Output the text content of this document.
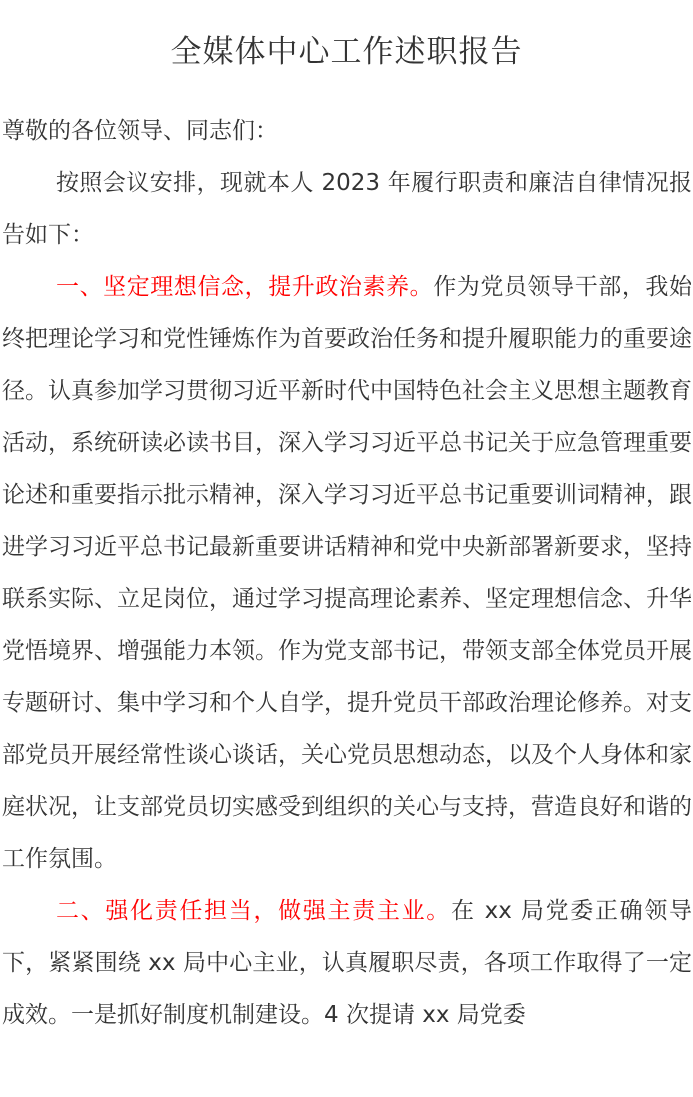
全媒体中心工作述职报告

尊敬的各位领导、同志们：

按照会议安排，现就本人 2023 年履行职责和廉洁自律情况报告如下：

一、坚定理想信念，提升政治素养。作为党员领导干部，我始终把理论学习和党性锤炼作为首要政治任务和提升履职能力的重要途径。认真参加学习贯彻习近平新时代中国特色社会主义思想主题教育活动，系统研读必读书目，深入学习习近平总书记关于应急管理重要论述和重要指示批示精神，深入学习习近平总书记重要训词精神，跟进学习习近平总书记最新重要讲话精神和党中央新部署新要求，坚持联系实际、立足岗位，通过学习提高理论素养、坚定理想信念、升华党悟境界、增强能力本领。作为党支部书记，带领支部全体党员开展专题研讨、集中学习和个人自学，提升党员干部政治理论修养。对支部党员开展经常性谈心谈话，关心党员思想动态，以及个人身体和家庭状况，让支部党员切实感受到组织的关心与支持，营造良好和谐的工作氛围。

二、强化责任担当，做强主责主业。在 xx 局党委正确领导下，紧紧围绕 xx 局中心主业，认真履职尽责，各项工作取得了一定成效。一是抓好制度机制建设。4 次提请 xx 局党委
